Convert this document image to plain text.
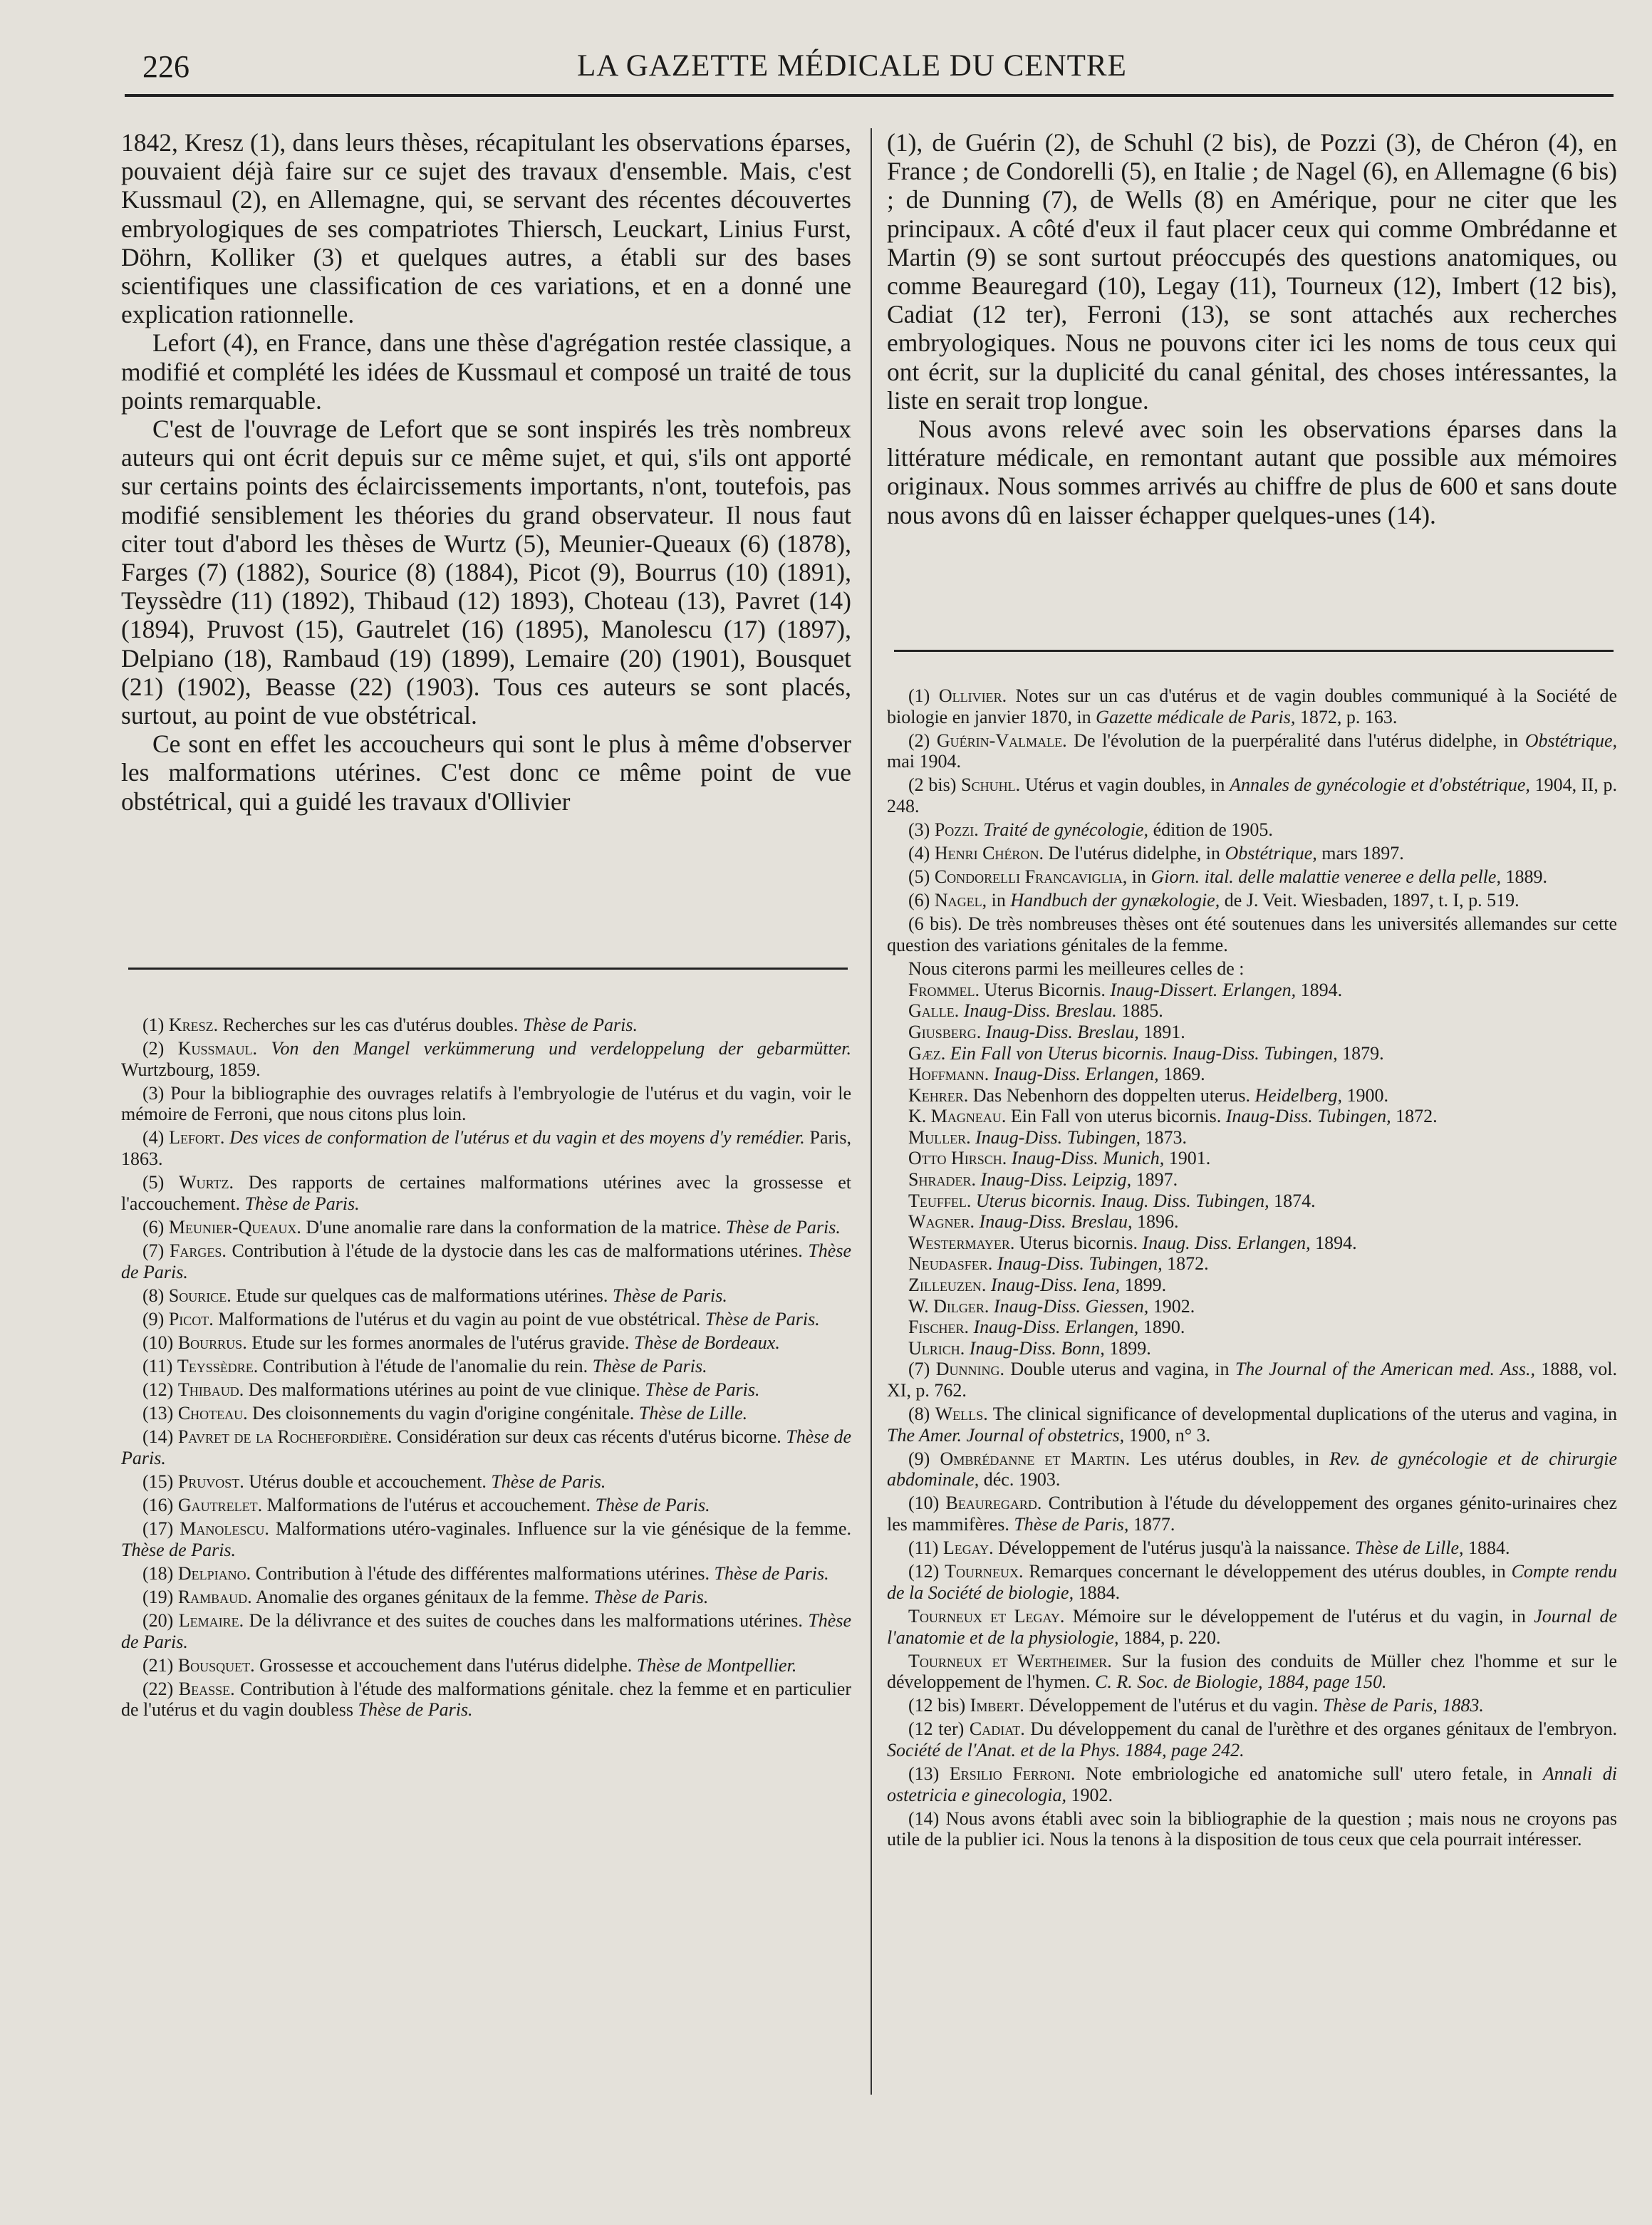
226	LA GAZETTE MÉDICALE DU CENTRE

1842, Kresz (1), dans leurs thèses, récapitulant les observations éparses, pouvaient déjà faire sur ce sujet des travaux d'ensemble. Mais, c'est Kussmaul (2), en Allemagne, qui, se servant des récentes découvertes embryologiques de ses compatriotes Thiersch, Leuckart, Linius Furst, Döhrn, Kolliker (3) et quelques autres, a établi sur des bases scientifiques une classification de ces variations, et en a donné une explication rationnelle.

Lefort (4), en France, dans une thèse d'agrégation restée classique, a modifié et complété les idées de Kussmaul et composé un traité de tous points remarquable.

C'est de l'ouvrage de Lefort que se sont inspirés les très nombreux auteurs qui ont écrit depuis sur ce même sujet, et qui, s'ils ont apporté sur certains points des éclaircissements importants, n'ont, toutefois, pas modifié sensiblement les théories du grand observateur. Il nous faut citer tout d'abord les thèses de Wurtz (5), Meunier-Queaux (6) (1878), Farges (7) (1882), Sourice (8) (1884), Picot (9), Bourrus (10) (1891), Teyssèdre (11) (1892), Thibaud (12) 1893), Choteau (13), Pavret (14)(1894), Pruvost (15), Gautrelet (16) (1895), Manolescu (17) (1897), Delpiano (18), Rambaud (19) (1899), Lemaire (20) (1901), Bousquet (21) (1902), Beasse (22) (1903). Tous ces auteurs se sont placés, surtout, au point de vue obstétrical.

Ce sont en effet les accoucheurs qui sont le plus à même d'observer les malformations utérines. C'est donc ce même point de vue obstétrical, qui a guidé les travaux d'Ollivier

(1) Kresz. Recherches sur les cas d'utérus doubles. Thèse de Paris.

(2) Kussmaul. Von den Mangel verkümmerung und verdeloppelung der gebarmütter. Wurtzbourg, 1859.

(3) Pour la bibliographie des ouvrages relatifs à l'embryologie de l'utérus et du vagin, voir le mémoire de Ferroni, que nous citons plus loin.

(4) Lefort. Des vices de conformation de l'utérus et du vagin et des moyens d'y remédier. Paris, 1863.

(5) Wurtz. Des rapports de certaines malformations utérines avec la grossesse et l'accouchement. Thèse de Paris.

(6) Meunier-Queaux. D'une anomalie rare dans la conformation de la matrice. Thèse de Paris.

(7) Farges. Contribution à l'étude de la dystocie dans les cas de malformations utérines. Thèse de Paris.

(8) Sourice. Etude sur quelques cas de malformations utérines. Thèse de Paris.

(9) Picot. Malformations de l'utérus et du vagin au point de vue obstétrical. Thèse de Paris.

(10) Bourrus. Etude sur les formes anormales de l'utérus gravide. Thèse de Bordeaux.

(11) Teyssèdre. Contribution à l'étude de l'anomalie du rein. Thèse de Paris.

(12) Thibaud. Des malformations utérines au point de vue clinique. Thèse de Paris.

(13) Choteau. Des cloisonnements du vagin d'origine congénitale. Thèse de Lille.

(14) Pavret de la Rochefordière. Considération sur deux cas récents d'utérus bicorne. Thèse de Paris.

(15) Pruvost. Utérus double et accouchement. Thèse de Paris.

(16) Gautrelet. Malformations de l'utérus et accouchement. Thèse de Paris.

(17) Manolescu. Malformations utéro-vaginales. Influence sur la vie génésique de la femme. Thèse de Paris.

(18) Delpiano. Contribution à l'étude des différentes malformations utérines. Thèse de Paris.

(19) Rambaud. Anomalie des organes génitaux de la femme. Thèse de Paris.

(20) Lemaire. De la délivrance et des suites de couches dans les malformations utérines. Thèse de Paris.

(21) Bousquet. Grossesse et accouchement dans l'utérus didelphe. Thèse de Montpellier.

(22) Beasse. Contribution à l'étude des malformations génitale. chez la femme et en particulier de l'utérus et du vagin doubless Thèse de Paris.

(1), de Guérin (2), de Schuhl (2 bis), de Pozzi (3), de Chéron (4), en France ; de Condorelli (5), en Italie ; de Nagel (6), en Allemagne (6 bis) ; de Dunning (7), de Wells (8) en Amérique, pour ne citer que les principaux. A côté d'eux il faut placer ceux qui comme Ombrédanne et Martin (9) se sont surtout préoccupés des questions anatomiques, ou comme Beauregard (10), Legay (11), Tourneux (12), Imbert (12 bis), Cadiat (12 ter), Ferroni (13), se sont attachés aux recherches embryologiques. Nous ne pouvons citer ici les noms de tous ceux qui ont écrit, sur la duplicité du canal génital, des choses intéressantes, la liste en serait trop longue.

Nous avons relevé avec soin les observations éparses dans la littérature médicale, en remontant autant que possible aux mémoires originaux. Nous sommes arrivés au chiffre de plus de 600 et sans doute nous avons dû en laisser échapper quelques-unes (14).

(1) Ollivier. Notes sur un cas d'utérus et de vagin doubles communiqué à la Société de biologie en janvier 1870, in Gazette médicale de Paris, 1872, p. 163.

(2) Guérin-Valmale. De l'évolution de la puerpéralité dans l'utérus didelphe, in Obstétrique, mai 1904.

(2 bis) Schuhl. Utérus et vagin doubles, in Annales de gynécologie et d'obstétrique, 1904, II, p. 248.

(3) Pozzi. Traité de gynécologie, édition de 1905.

(4) Henri Chéron. De l'utérus didelphe, in Obstétrique, mars 1897.

(5) Condorelli Francaviglia, in Giorn. ital. delle malattie veneree e della pelle, 1889.

(6) Nagel, in Handbuch der gynækologie, de J. Veit. Wiesbaden, 1897, t. I, p. 519.

(6 bis). De très nombreuses thèses ont été soutenues dans les universités allemandes sur cette question des variations génitales de la femme.

Nous citerons parmi les meilleures celles de :

Frommel. Uterus Bicornis. Inaug-Dissert. Erlangen, 1894.

Galle. Inaug-Diss. Breslau. 1885.

Giusberg. Inaug-Diss. Breslau, 1891.

Gæz. Ein Fall von Uterus bicornis. Inaug-Diss. Tubingen, 1879.

Hoffmann. Inaug-Diss. Erlangen, 1869.

Kehrer. Das Nebenhorn des doppelten uterus. Heidelberg, 1900.

K. Magneau. Ein Fall von uterus bicornis. Inaug-Diss. Tubingen, 1872.

Muller. Inaug-Diss. Tubingen, 1873.

Otto Hirsch. Inaug-Diss. Munich, 1901.

Shrader. Inaug-Diss. Leipzig, 1897.

Teuffel. Uterus bicornis. Inaug. Diss. Tubingen, 1874.

Wagner. Inaug-Diss. Breslau, 1896.

Westermayer. Uterus bicornis. Inaug. Diss. Erlangen, 1894.

Neudasfer. Inaug-Diss. Tubingen, 1872.

Zilleuzen. Inaug-Diss. Iena, 1899.

W. Dilger. Inaug-Diss. Giessen, 1902.

Fischer. Inaug-Diss. Erlangen, 1890.

Ulrich. Inaug-Diss. Bonn, 1899.

(7) Dunning. Double uterus and vagina, in The Journal of the American med. Ass., 1888, vol. XI, p. 762.

(8) Wells. The clinical significance of developmental duplications of the uterus and vagina, in The Amer. Journal of obstetrics, 1900, n° 3.

(9) Ombrédanne et Martin. Les utérus doubles, in Rev. de gynécologie et de chirurgie abdominale, déc. 1903.

(10) Beauregard. Contribution à l'étude du développement des organes génito-urinaires chez les mammifères. Thèse de Paris, 1877.

(11) Legay. Développement de l'utérus jusqu'à la naissance. Thèse de Lille, 1884.

(12) Tourneux. Remarques concernant le développement des utérus doubles, in Compte rendu de la Société de biologie, 1884.

Tourneux et Legay. Mémoire sur le développement de l'utérus et du vagin, in Journal de l'anatomie et de la physiologie, 1884, p. 220.

Tourneux et Wertheimer. Sur la fusion des conduits de Müller chez l'homme et sur le développement de l'hymen. C. R. Soc. de Biologie, 1884, page 150.

(12 bis) Imbert. Développement de l'utérus et du vagin. Thèse de Paris, 1883.

(12 ter) Cadiat. Du développement du canal de l'urèthre et des organes génitaux de l'embryon. Société de l'Anat. et de la Phys. 1884, page 242.

(13) Ersilio Ferroni. Note embriologiche ed anatomiche sull' utero fetale, in Annali di ostetricia e ginecologia, 1902.

(14) Nous avons établi avec soin la bibliographie de la question ; mais nous ne croyons pas utile de la publier ici. Nous la tenons à la disposition de tous ceux que cela pourrait intéresser.
